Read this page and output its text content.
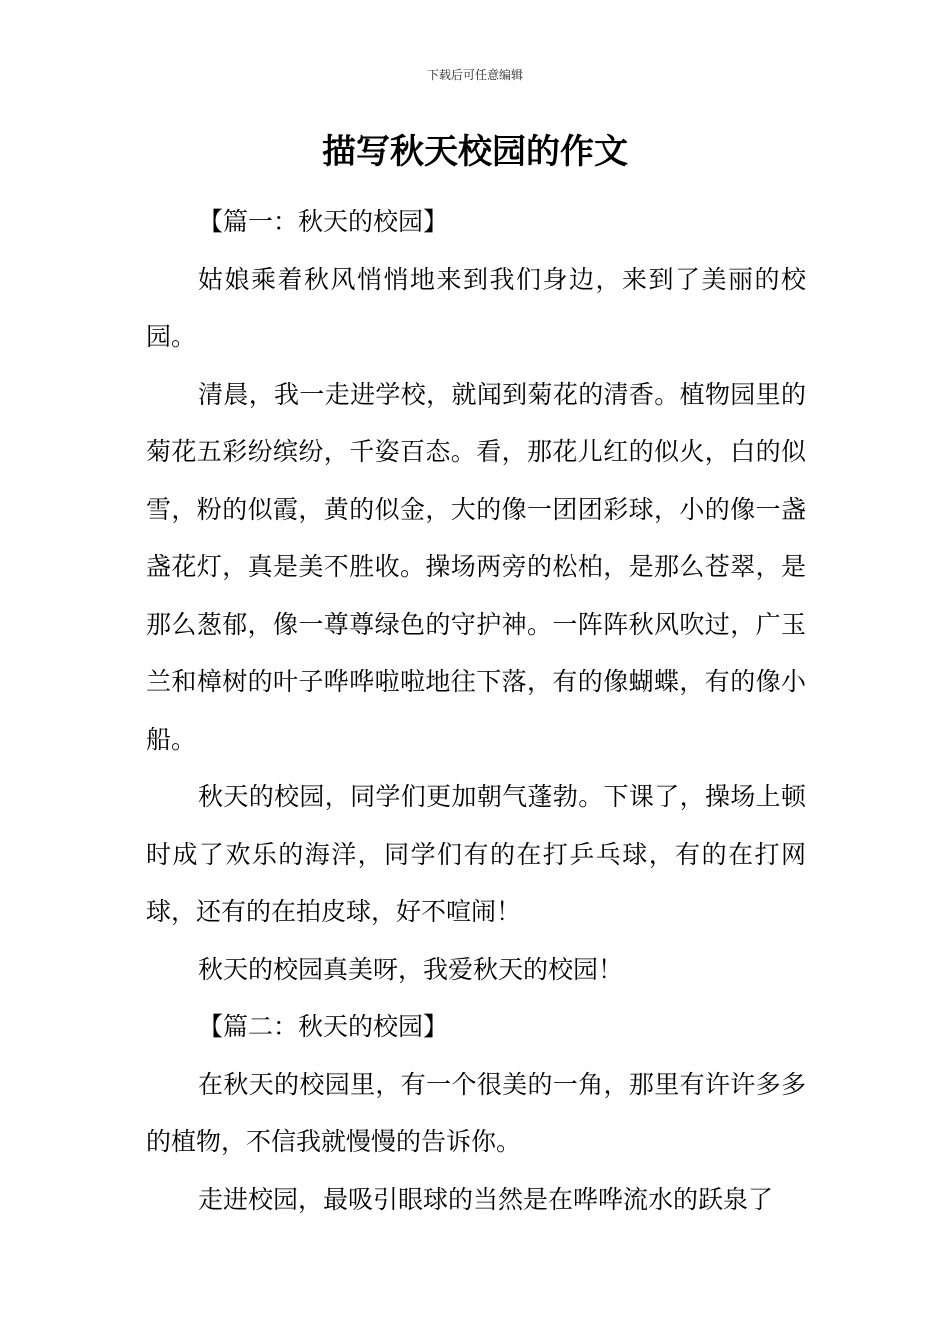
下载后可任意编辑
描写秋天校园的作文

【篇一：秋天的校园】

姑娘乘着秋风悄悄地来到我们身边，来到了美丽的校园。

清晨，我一走进学校，就闻到菊花的清香。植物园里的菊花五彩纷缤纷，千姿百态。看，那花儿红的似火，白的似雪，粉的似霞，黄的似金，大的像一团团彩球，小的像一盏盏花灯，真是美不胜收。操场两旁的松柏，是那么苍翠，是那么葱郁，像一尊尊绿色的守护神。一阵阵秋风吹过，广玉兰和樟树的叶子哗哗啦啦地往下落，有的像蝴蝶，有的像小船。

秋天的校园，同学们更加朝气蓬勃。下课了，操场上顿时成了欢乐的海洋，同学们有的在打乒乓球，有的在打网球，还有的在拍皮球，好不喧闹！

秋天的校园真美呀，我爱秋天的校园！

【篇二：秋天的校园】

在秋天的校园里，有一个很美的一角，那里有许许多多的植物，不信我就慢慢的告诉你。

走进校园，最吸引眼球的当然是在哗哗流水的跃泉了
